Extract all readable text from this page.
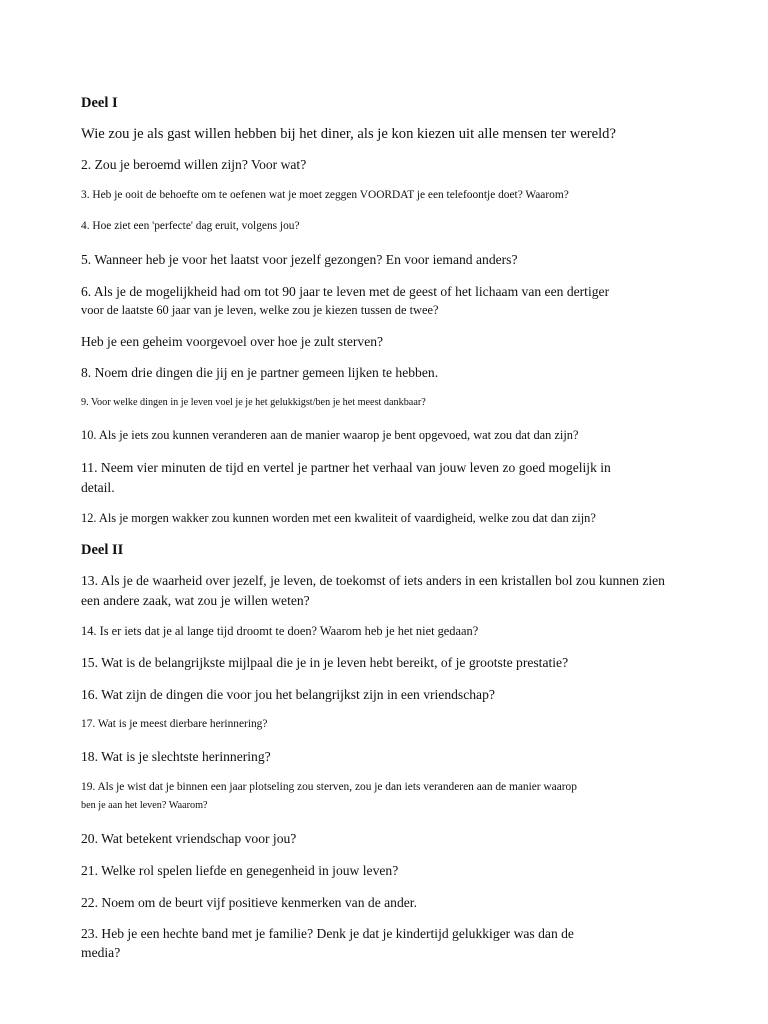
Deel I
Wie zou je als gast willen hebben bij het diner, als je kon kiezen uit alle mensen ter wereld?
2. Zou je beroemd willen zijn? Voor wat?
3. Heb je ooit de behoefte om te oefenen wat je moet zeggen VOORDAT je een telefoontje doet? Waarom?
4. Hoe ziet een 'perfecte' dag eruit, volgens jou?
5. Wanneer heb je voor het laatst voor jezelf gezongen? En voor iemand anders?
6. Als je de mogelijkheid had om tot 90 jaar te leven met de geest of het lichaam van een dertiger
voor de laatste 60 jaar van je leven, welke zou je kiezen tussen de twee?
Heb je een geheim voorgevoel over hoe je zult sterven?
8. Noem drie dingen die jij en je partner gemeen lijken te hebben.
9. Voor welke dingen in je leven voel je je het gelukkigst/ben je het meest dankbaar?
10. Als je iets zou kunnen veranderen aan de manier waarop je bent opgevoed, wat zou dat dan zijn?
11. Neem vier minuten de tijd en vertel je partner het verhaal van jouw leven zo goed mogelijk in
detail.
12. Als je morgen wakker zou kunnen worden met een kwaliteit of vaardigheid, welke zou dat dan zijn?
Deel II
13. Als je de waarheid over jezelf, je leven, de toekomst of iets anders in een kristallen bol zou kunnen zien
een andere zaak, wat zou je willen weten?
14. Is er iets dat je al lange tijd droomt te doen? Waarom heb je het niet gedaan?
15. Wat is de belangrijkste mijlpaal die je in je leven hebt bereikt, of je grootste prestatie?
16. Wat zijn de dingen die voor jou het belangrijkst zijn in een vriendschap?
17. Wat is je meest dierbare herinnering?
18. Wat is je slechtste herinnering?
19. Als je wist dat je binnen een jaar plotseling zou sterven, zou je dan iets veranderen aan de manier waarop
ben je aan het leven? Waarom?
20. Wat betekent vriendschap voor jou?
21. Welke rol spelen liefde en genegenheid in jouw leven?
22. Noem om de beurt vijf positieve kenmerken van de ander.
23. Heb je een hechte band met je familie? Denk je dat je kindertijd gelukkiger was dan de
media?
